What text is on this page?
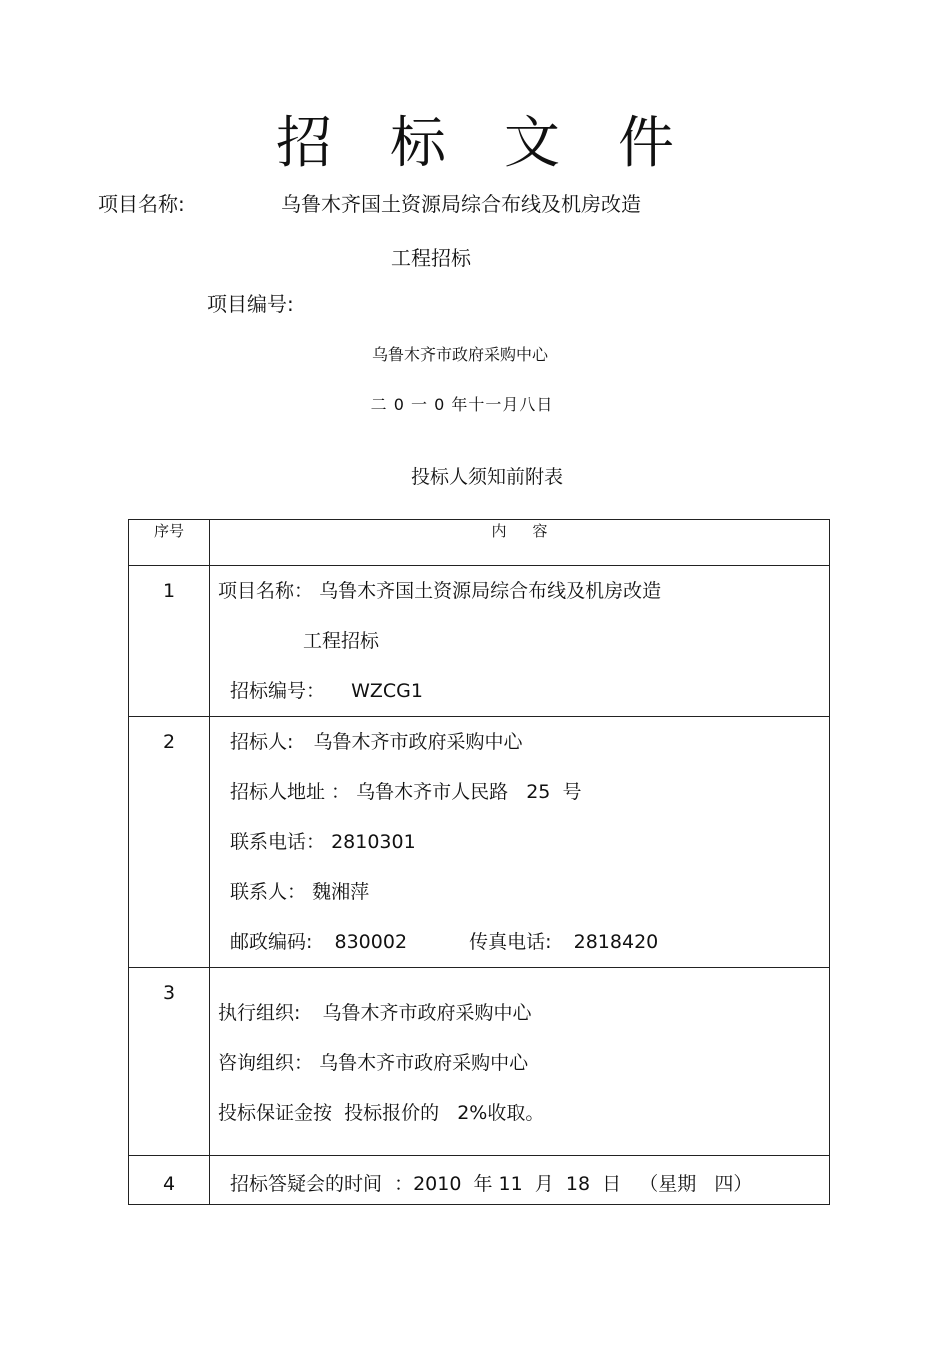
招标文件
项目名称:	乌鲁木齐国土资源局综合布线及机房改造
工程招标
项目编号:
乌鲁木齐市政府采购中心
二 0 一 0 年十一月八日
投标人须知前附表
序号	内容

1	项目名称： 乌鲁木齐国土资源局综合布线及机房改造
工程招标
招标编号： WZCG1

2	招标人: 乌鲁木齐市政府采购中心
招标人地址 ： 乌鲁木齐市人民路   25  号
联系电话： 2810301
联系人： 魏湘萍
邮政编码: 830002 传真电话: 2818420

3	执行组织: 乌鲁木齐市政府采购中心
咨询组织： 乌鲁木齐市政府采购中心
投标保证金按  投标报价的   2%收取。

4	招标答疑会的时间  ：2010  年 11  月  18  日   （星期   四）
